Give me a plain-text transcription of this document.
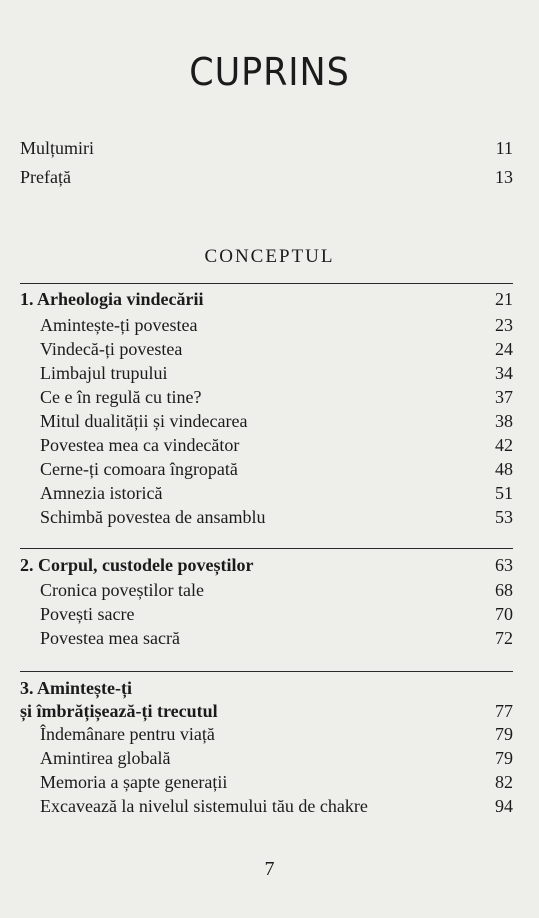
CUPRINS
Mulțumiri	11
Prefață	13
CONCEPTUL
1. Arheologia vindecării	21
Amintește-ți povestea	23
Vindecă-ți povestea	24
Limbajul trupului	34
Ce e în regulă cu tine?	37
Mitul dualității și vindecarea	38
Povestea mea ca vindecător	42
Cerne-ți comoara îngropată	48
Amnezia istorică	51
Schimbă povestea de ansamblu	53
2. Corpul, custodele poveștilor	63
Cronica poveștilor tale	68
Povești sacre	70
Povestea mea sacră	72
3. Amintește-ți
și îmbrățișează-ți trecutul	77
Îndemânare pentru viață	79
Amintirea globală	79
Memoria a șapte generații	82
Excavează la nivelul sistemului tău de chakre	94
7
